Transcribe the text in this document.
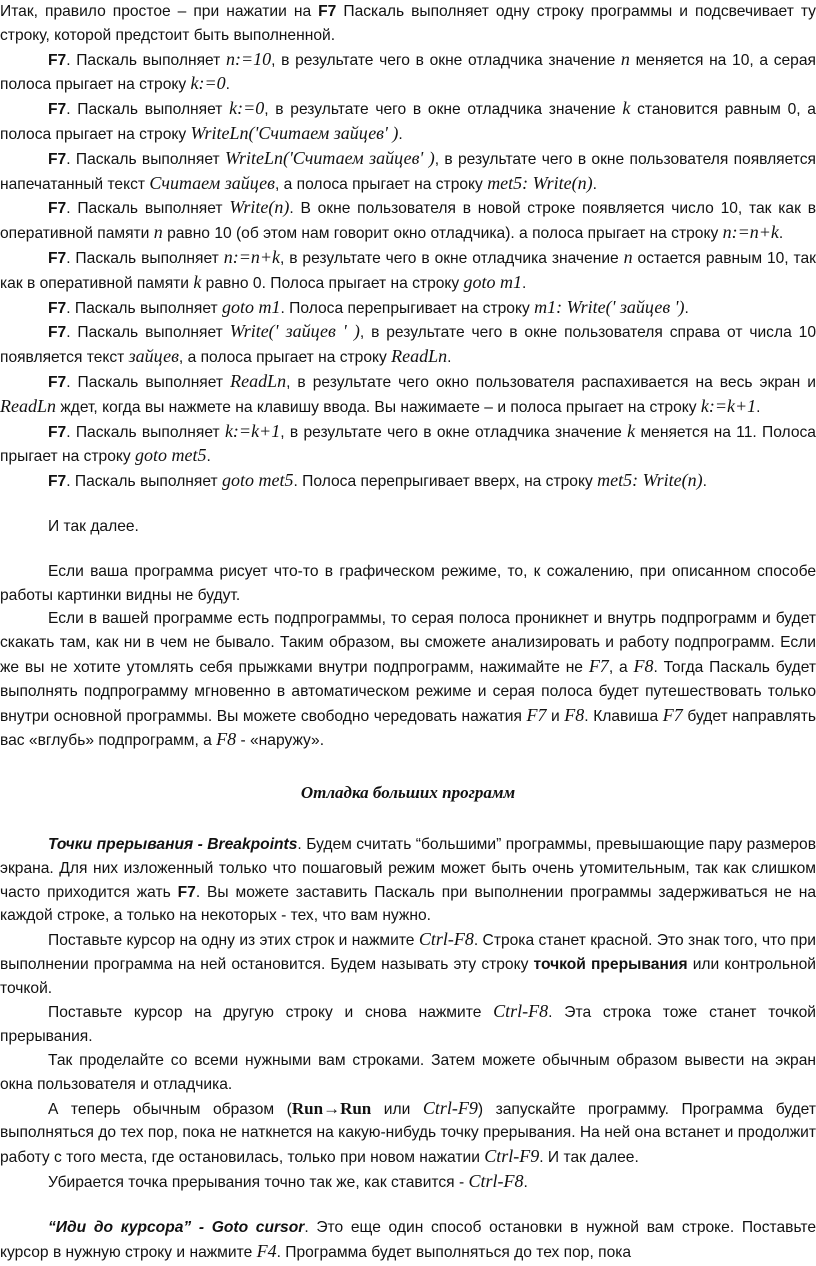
Итак, правило простое – при нажатии на F7 Паскаль выполняет одну строку программы и подсвечивает ту строку, которой предстоит быть выполненной.

F7. Паскаль выполняет n:=10, в результате чего в окне отладчика значение n меняется на 10, а серая полоса прыгает на строку k:=0.

F7. Паскаль выполняет k:=0, в результате чего в окне отладчика значение k становится равным 0, а полоса прыгает на строку WriteLn('Считаем зайцев' ).

F7. Паскаль выполняет WriteLn('Считаем зайцев' ), в результате чего в окне пользователя появляется напечатанный текст Считаем зайцев, а полоса прыгает на строку met5: Write(n).

F7. Паскаль выполняет Write(n). В окне пользователя в новой строке появляется число 10, так как в оперативной памяти n равно 10 (об этом нам говорит окно отладчика). а полоса прыгает на строку n:=n+k.

F7. Паскаль выполняет n:=n+k, в результате чего в окне отладчика значение n остается равным 10, так как в оперативной памяти k равно 0. Полоса прыгает на строку goto m1.

F7. Паскаль выполняет goto m1. Полоса перепрыгивает на строку m1: Write(' зайцев ').

F7. Паскаль выполняет Write(' зайцев ' ), в результате чего в окне пользователя справа от числа 10 появляется текст зайцев, а полоса прыгает на строку ReadLn.

F7. Паскаль выполняет ReadLn, в результате чего окно пользователя распахивается на весь экран и ReadLn ждет, когда вы нажмете на клавишу ввода. Вы нажимаете – и полоса прыгает на строку k:=k+1.

F7. Паскаль выполняет k:=k+1, в результате чего в окне отладчика значение k меняется на 11. Полоса прыгает на строку goto met5.

F7. Паскаль выполняет goto met5. Полоса перепрыгивает вверх, на строку met5: Write(n).

И так далее.

Если ваша программа рисует что-то в графическом режиме, то, к сожалению, при описанном способе работы картинки видны не будут.

Если в вашей программе есть подпрограммы, то серая полоса проникнет и внутрь подпрограмм и будет скакать там, как ни в чем не бывало. Таким образом, вы сможете анализировать и работу подпрограмм. Если же вы не хотите утомлять себя прыжками внутри подпрограмм, нажимайте не F7, а F8. Тогда Паскаль будет выполнять подпрограмму мгновенно в автоматическом режиме и серая полоса будет путешествовать только внутри основной программы. Вы можете свободно чередовать нажатия F7 и F8. Клавиша F7 будет направлять вас «вглубь» подпрограмм, а F8 - «наружу».

Отладка больших программ

Точки прерывания - Breakpoints. Будем считать “большими” программы, превышающие пару размеров экрана. Для них изложенный только что пошаговый режим может быть очень утомительным, так как слишком часто приходится жать F7. Вы можете заставить Паскаль при выполнении программы задерживаться не на каждой строке, а только на некоторых - тех, что вам нужно.

Поставьте курсор на одну из этих строк и нажмите Ctrl-F8. Строка станет красной. Это знак того, что при выполнении программа на ней остановится. Будем называть эту строку точкой прерывания или контрольной точкой.

Поставьте курсор на другую строку и снова нажмите Ctrl-F8. Эта строка тоже станет точкой прерывания.

Так проделайте со всеми нужными вам строками. Затем можете обычным образом вывести на экран окна пользователя и отладчика.

А теперь обычным образом (Run→Run или Ctrl-F9) запускайте программу. Программа будет выполняться до тех пор, пока не наткнется на какую-нибудь точку прерывания. На ней она встанет и продолжит работу с того места, где остановилась, только при новом нажатии Ctrl-F9. И так далее.

Убирается точка прерывания точно так же, как ставится - Ctrl-F8.

“Иди до курсора” - Goto cursor. Это еще один способ остановки в нужной вам строке. Поставьте курсор в нужную строку и нажмите F4. Программа будет выполняться до тех пор, пока
